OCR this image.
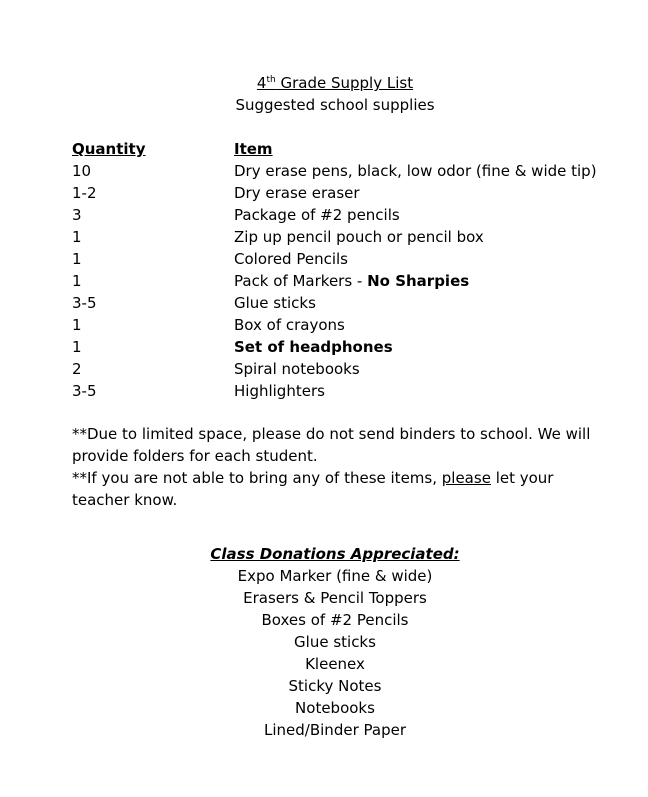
4th Grade Supply List
Suggested school supplies
Quantity	Item
10	Dry erase pens, black, low odor (fine & wide tip)
1-2	Dry erase eraser
3	Package of #2 pencils
1	Zip up pencil pouch or pencil box
1	Colored Pencils
1	Pack of Markers - No Sharpies
3-5	Glue sticks
1	Box of crayons
1	Set of headphones
2	Spiral notebooks
3-5	Highlighters

**Due to limited space, please do not send binders to school. We will provide folders for each student.

**If you are not able to bring any of these items, please let your teacher know.

Class Donations Appreciated:
Expo Marker (fine & wide)
Erasers & Pencil Toppers
Boxes of #2 Pencils
Glue sticks
Kleenex
Sticky Notes
Notebooks
Lined/Binder Paper
